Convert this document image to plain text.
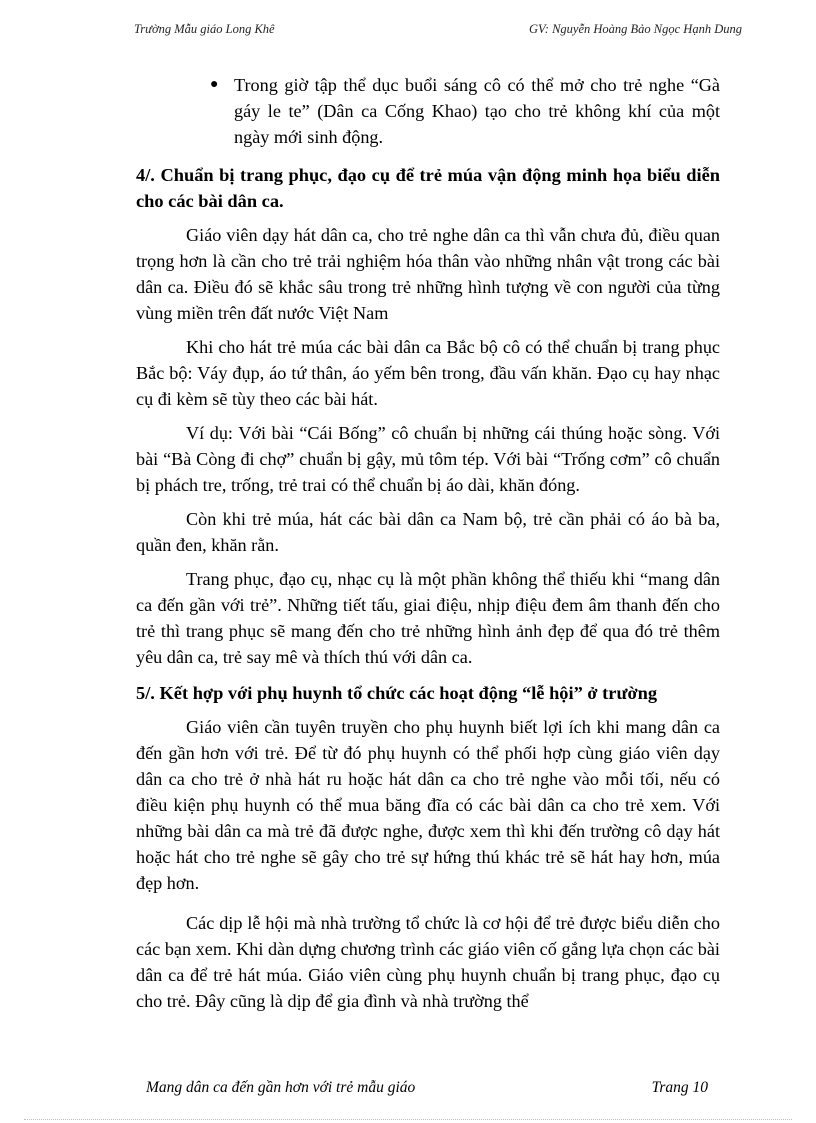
Trường Mẫu giáo Long Khê	GV: Nguyễn Hoàng Bảo Ngọc Hạnh Dung
● Trong giờ tập thể dục buổi sáng cô có thể mở cho trẻ nghe “Gà gáy le te” (Dân ca Cống Khao) tạo cho trẻ không khí của một ngày mới sinh động.
4/. Chuẩn bị trang phục, đạo cụ để trẻ múa vận động minh họa biểu diễn cho các bài dân ca.

Giáo viên dạy hát dân ca, cho trẻ nghe dân ca thì vẫn chưa đủ, điều quan trọng hơn là cần cho trẻ trải nghiệm hóa thân vào những nhân vật trong các bài dân ca. Điều đó sẽ khắc sâu trong trẻ những hình tượng về con người của từng vùng miền trên đất nước Việt Nam

Khi cho hát trẻ múa các bài dân ca Bắc bộ cô có thể chuẩn bị trang phục Bắc bộ: Váy đụp, áo tứ thân, áo yếm bên trong, đầu vấn khăn. Đạo cụ hay nhạc cụ đi kèm sẽ tùy theo các bài hát.

Ví dụ: Với bài “Cái Bống” cô chuẩn bị những cái thúng hoặc sòng. Với bài “Bà Còng đi chợ” chuẩn bị gậy, mủ tôm tép. Với bài “Trống cơm” cô chuẩn bị phách tre, trống, trẻ trai có thể chuẩn bị áo dài, khăn đóng.

Còn khi trẻ múa, hát các bài dân ca Nam bộ, trẻ cần phải có áo bà ba, quần đen, khăn rằn.

Trang phục, đạo cụ, nhạc cụ là một phần không thể thiếu khi “mang dân ca đến gần với trẻ”. Những tiết tấu, giai điệu, nhịp điệu đem âm thanh đến cho trẻ thì trang phục sẽ mang đến cho trẻ những hình ảnh đẹp để qua đó trẻ thêm yêu dân ca, trẻ say mê và thích thú với dân ca.

5/. Kết hợp với phụ huynh tổ chức các hoạt động “lễ hội” ở trường

Giáo viên cần tuyên truyền cho phụ huynh biết lợi ích khi mang dân ca đến gần hơn với trẻ. Để từ đó phụ huynh có thể phối hợp cùng giáo viên dạy dân ca cho trẻ ở nhà hát ru hoặc hát dân ca cho trẻ nghe vào mỗi tối, nếu có điều kiện phụ huynh có thể mua băng đĩa có các bài dân ca cho trẻ xem. Với những bài dân ca mà trẻ đã được nghe, được xem thì khi đến trường cô dạy hát hoặc hát cho trẻ nghe sẽ gây cho trẻ sự hứng thú khác trẻ sẽ hát hay hơn, múa đẹp hơn.

Các dịp lễ hội mà nhà trường tổ chức là cơ hội để trẻ được biểu diễn cho các bạn xem. Khi dàn dựng chương trình các giáo viên cố gắng lựa chọn các bài dân ca để trẻ hát múa. Giáo viên cùng phụ huynh chuẩn bị trang phục, đạo cụ cho trẻ. Đây cũng là dịp để gia đình và nhà trường thể

Mang dân ca đến gần hơn với trẻ mẫu giáo	Trang 10
